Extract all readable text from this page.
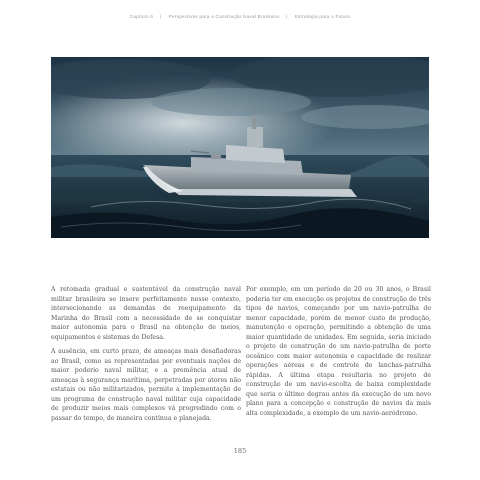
Capítulo 6 | Perspectivas para a Construção Naval Brasileira | Estratégia para o Futuro

A retomada gradual e sustentável da construção naval militar brasileira se insere perfeitamente nesse contexto, intersecionando as demandas de reequipamento da Marinha do Brasil com a necessidade de se conquistar maior autonomia para o Brasil na obtenção de meios, equipamentos e sistemas de Defesa.

A ausência, em curto prazo, de ameaças mais desafiadoras ao Brasil, como as representadas por eventuais nações de maior poderio naval militar, e a premência atual de ameaças à segurança marítima, perpetradas por atores não estatais ou não militarizados, permite a implementação de um programa de construção naval militar cuja capacidade de produzir meios mais complexos vá progredindo com o passar do tempo, de maneira contínua e planejada.

Por exemplo, em um período de 20 ou 30 anos, o Brasil poderia ter em execução os projetos de construção de três tipos de navios, começando por um navio-patrulha de menor capacidade, porém de menor custo de produção, manutenção e operação, permitindo a obtenção de uma maior quantidade de unidades. Em seguida, seria iniciado o projeto de construção de um navio-patrulha de porte oceânico com maior autonomia e capacidade de realizar operações aéreas e de controle de lanchas-patrulha rápidas. A última etapa resultaria no projeto de construção de um navio-escolta de baixa complexidade que seria o último degrau antes da execução de um novo plano para a concepção e construção de navios da mais alta complexidade, a exemplo de um navio-aeródromo.

185
